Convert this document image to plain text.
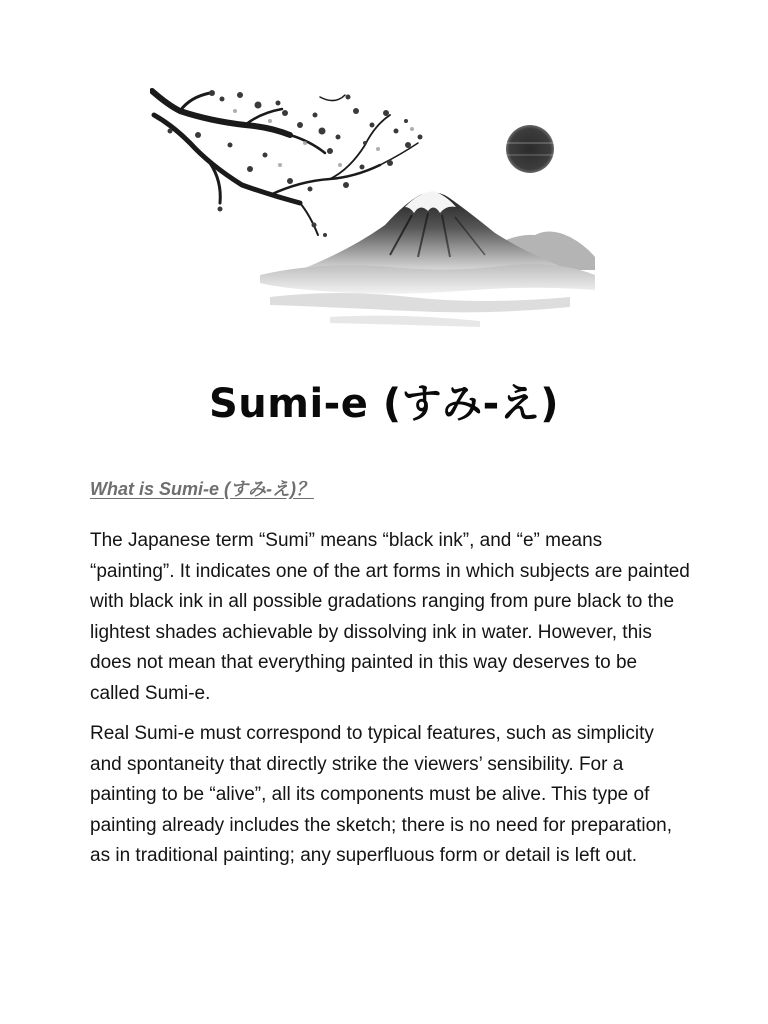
Sumi-e (すみ-え)
What is Sumi-e (すみ-え)？

The Japanese term “Sumi” means “black ink”, and “e” means “painting”. It indicates one of the art forms in which subjects are painted with black ink in all possible gradations ranging from pure black to the lightest shades achievable by dissolving ink in water. However, this does not mean that everything painted in this way deserves to be called Sumi-e.

Real Sumi-e must correspond to typical features, such as simplicity and spontaneity that directly strike the viewers’ sensibility. For a painting to be “alive”, all its components must be alive. This type of painting already includes the sketch; there is no need for preparation, as in traditional painting; any superfluous form or detail is left out.
